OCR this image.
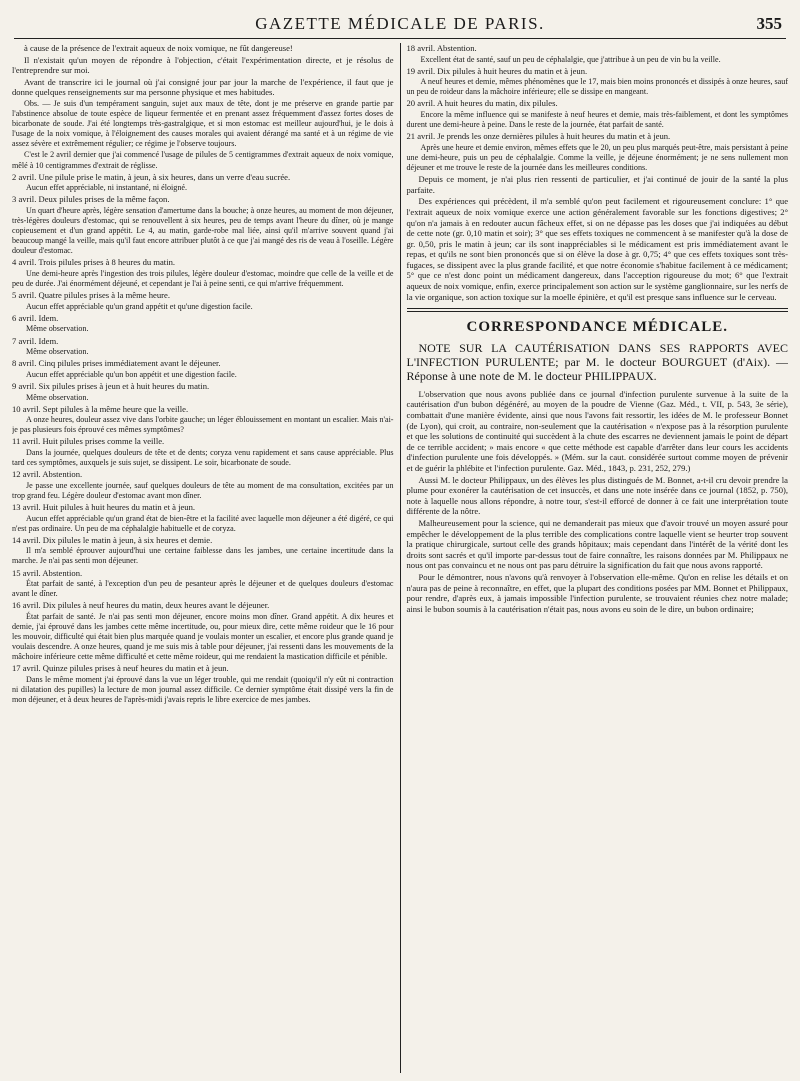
GAZETTE MÉDICALE DE PARIS.	355

à cause de la présence de l'extrait aqueux de noix vomique, ne fût dangereuse!

Il n'existait qu'un moyen de répondre à l'objection, c'était l'expérimentation directe, et je résolus de l'entreprendre sur moi.

Avant de transcrire ici le journal où j'ai consigné jour par jour la marche de l'expérience, il faut que je donne quelques renseignements sur ma personne physique et mes habitudes.

Obs. — Je suis d'un tempérament sanguin, sujet aux maux de tête, dont je me préserve en grande partie par l'abstinence absolue de toute espèce de liqueur fermentée et en prenant assez fréquemment d'assez fortes doses de bicarbonate de soude. J'ai été longtemps très-gastralgique, et si mon estomac est meilleur aujourd'hui, je le dois à l'usage de la noix vomique, à l'éloignement des causes morales qui avaient dérangé ma santé et à un régime de vie assez sévère et extrêmement régulier; ce régime je l'observe toujours.

C'est le 2 avril dernier que j'ai commencé l'usage de pilules de 5 centigrammes d'extrait aqueux de noix vomique, mêlé à 10 centigrammes d'extrait de réglisse.

2 avril. Une pilule prise le matin, à jeun, à six heures, dans un verre d'eau sucrée.

Aucun effet appréciable, ni instantané, ni éloigné.

3 avril. Deux pilules prises de la même façon.

Un quart d'heure après, légère sensation d'amertume dans la bouche; à onze heures, au moment de mon déjeuner, très-légères douleurs d'estomac, qui se renouvellent à six heures, peu de temps avant l'heure du dîner, où je mange copieusement et d'un grand appétit. Le 4, au matin, garde-robe mal liée, ainsi qu'il m'arrive souvent quand j'ai beaucoup mangé la veille, mais qu'il faut encore attribuer plutôt à ce que j'ai mangé des ris de veau à l'oseille. Légère douleur d'estomac.

4 avril. Trois pilules prises à 8 heures du matin.

Une demi-heure après l'ingestion des trois pilules, légère douleur d'estomac, moindre que celle de la veille et de peu de durée. J'ai énormément déjeuné, et cependant je l'ai à peine senti, ce qui m'arrive fréquemment.

5 avril. Quatre pilules prises à la même heure.

Aucun effet appréciable qu'un grand appétit et qu'une digestion facile.

6 avril. Idem.

Même observation.

7 avril. Idem.

Même observation.

8 avril. Cinq pilules prises immédiatement avant le déjeuner.

Aucun effet appréciable qu'un bon appétit et une digestion facile.

9 avril. Six pilules prises à jeun et à huit heures du matin.

Même observation.

10 avril. Sept pilules à la même heure que la veille.

A onze heures, douleur assez vive dans l'orbite gauche; un léger éblouissement en montant un escalier. Mais n'ai-je pas plusieurs fois éprouvé ces mêmes symptômes?

11 avril. Huit pilules prises comme la veille.

Dans la journée, quelques douleurs de tête et de dents; coryza venu rapidement et sans cause appréciable. Plus tard ces symptômes, auxquels je suis sujet, se dissipent. Le soir, bicarbonate de soude.

12 avril. Abstention.

Je passe une excellente journée, sauf quelques douleurs de tête au moment de ma consultation, excitées par un trop grand feu. Légère douleur d'estomac avant mon dîner.

13 avril. Huit pilules à huit heures du matin et à jeun.

Aucun effet appréciable qu'un grand état de bien-être et la facilité avec laquelle mon déjeuner a été digéré, ce qui n'est pas ordinaire. Un peu de ma céphalalgie habituelle et de coryza.

14 avril. Dix pilules le matin à jeun, à six heures et demie.

Il m'a semblé éprouver aujourd'hui une certaine faiblesse dans les jambes, une certaine incertitude dans la marche. Je n'ai pas senti mon déjeuner.

15 avril. Abstention.

État parfait de santé, à l'exception d'un peu de pesanteur après le déjeuner et de quelques douleurs d'estomac avant le dîner.

16 avril. Dix pilules à neuf heures du matin, deux heures avant le déjeuner.

État parfait de santé. Je n'ai pas senti mon déjeuner, encore moins mon dîner. Grand appétit. A dix heures et demie, j'ai éprouvé dans les jambes cette même incertitude, ou, pour mieux dire, cette même roideur que le 16 pour les mouvoir, difficulté qui était bien plus marquée quand je voulais monter un escalier, et encore plus grande quand je voulais descendre. A onze heures, quand je me suis mis à table pour déjeuner, j'ai ressenti dans les mouvements de la mâchoire inférieure cette même difficulté et cette même roideur, qui me rendaient la mastication difficile et pénible.

17 avril. Quinze pilules prises à neuf heures du matin et à jeun.

Dans le même moment j'ai éprouvé dans la vue un léger trouble, qui me rendait (quoiqu'il n'y eût ni contraction ni dilatation des pupilles) la lecture de mon journal assez difficile. Ce dernier symptôme était dissipé vers la fin de mon déjeuner, et à deux heures de l'après-midi j'avais repris le libre exercice de mes jambes.

18 avril. Abstention.

Excellent état de santé, sauf un peu de céphalalgie, que j'attribue à un peu de vin bu la veille.

19 avril. Dix pilules à huit heures du matin et à jeun.

A neuf heures et demie, mêmes phénomènes que le 17, mais bien moins prononcés et dissipés à onze heures, sauf un peu de roideur dans la mâchoire inférieure; elle se dissipe en mangeant.

20 avril. A huit heures du matin, dix pilules.

Encore la même influence qui se manifeste à neuf heures et demie, mais très-faiblement, et dont les symptômes durent une demi-heure à peine. Dans le reste de la journée, état parfait de santé.

21 avril. Je prends les onze dernières pilules à huit heures du matin et à jeun.

Après une heure et demie environ, mêmes effets que le 20, un peu plus marqués peut-être, mais persistant à peine une demi-heure, puis un peu de céphalalgie. Comme la veille, je déjeune énormément; je ne sens nullement mon déjeuner et me trouve le reste de la journée dans les meilleures conditions.

Depuis ce moment, je n'ai plus rien ressenti de particulier, et j'ai continué de jouir de la santé la plus parfaite.

Des expériences qui précèdent, il m'a semblé qu'on peut facilement et rigoureusement conclure: 1° que l'extrait aqueux de noix vomique exerce une action généralement favorable sur les fonctions digestives; 2° qu'on n'a jamais à en redouter aucun fâcheux effet, si on ne dépasse pas les doses que j'ai indiquées au début de cette note (gr. 0,10 matin et soir); 3° que ses effets toxiques ne commencent à se manifester qu'à la dose de gr. 0,50, pris le matin à jeun; car ils sont inappréciables si le médicament est pris immédiatement avant le repas, et qu'ils ne sont bien prononcés que si on élève la dose à gr. 0,75; 4° que ces effets toxiques sont très-fugaces, se dissipent avec la plus grande facilité, et que notre économie s'habitue facilement à ce médicament; 5° que ce n'est donc point un médicament dangereux, dans l'acception rigoureuse du mot; 6° que l'extrait aqueux de noix vomique, enfin, exerce principalement son action sur le système ganglionnaire, sur les nerfs de la vie organique, son action toxique sur la moelle épinière, et qu'il est presque sans influence sur le cerveau.

CORRESPONDANCE MÉDICALE.

NOTE SUR LA CAUTÉRISATION DANS SES RAPPORTS AVEC L'INFECTION PURULENTE; par M. le docteur BOURGUET (d'Aix). — Réponse à une note de M. le docteur PHILIPPAUX.

L'observation que nous avons publiée dans ce journal d'infection purulente survenue à la suite de la cautérisation d'un bubon dégénéré, au moyen de la poudre de Vienne (Gaz. Méd., t. VII, p. 543, 3e série), combattait d'une manière évidente, ainsi que nous l'avons fait ressortir, les idées de M. le professeur Bonnet (de Lyon), qui croit, au contraire, non-seulement que la cautérisation « n'expose pas à la résorption purulente et que les solutions de continuité qui succèdent à la chute des escarres ne deviennent jamais le point de départ de ce terrible accident; » mais encore « que cette méthode est capable d'arrêter dans leur cours les accidents d'infection purulente une fois développés. » (Mém. sur la caut. considérée surtout comme moyen de prévenir et de guérir la phlébite et l'infection purulente. Gaz. Méd., 1843, p. 231, 252, 279.)

Aussi M. le docteur Philippaux, un des élèves les plus distingués de M. Bonnet, a-t-il cru devoir prendre la plume pour exonérer la cautérisation de cet insuccès, et dans une note insérée dans ce journal (1852, p. 750), note à laquelle nous allons répondre, à notre tour, s'est-il efforcé de donner à ce fait une interprétation toute différente de la nôtre.

Malheureusement pour la science, qui ne demanderait pas mieux que d'avoir trouvé un moyen assuré pour empêcher le développement de la plus terrible des complications contre laquelle vient se heurter trop souvent la pratique chirurgicale, surtout celle des grands hôpitaux; mais cependant dans l'intérêt de la vérité dont les droits sont sacrés et qu'il importe par-dessus tout de faire connaître, les raisons données par M. Philippaux ne nous ont pas convaincu et ne nous ont pas paru détruire la signification du fait que nous avons rapporté.

Pour le démontrer, nous n'avons qu'à renvoyer à l'observation elle-même. Qu'on en relise les détails et on n'aura pas de peine à reconnaître, en effet, que la plupart des conditions posées par MM. Bonnet et Philippaux, pour rendre, d'après eux, à jamais impossible l'infection purulente, se trouvaient réunies chez notre malade; ainsi le bubon soumis à la cautérisation n'était pas, nous avons eu soin de le dire, un bubon ordinaire;
